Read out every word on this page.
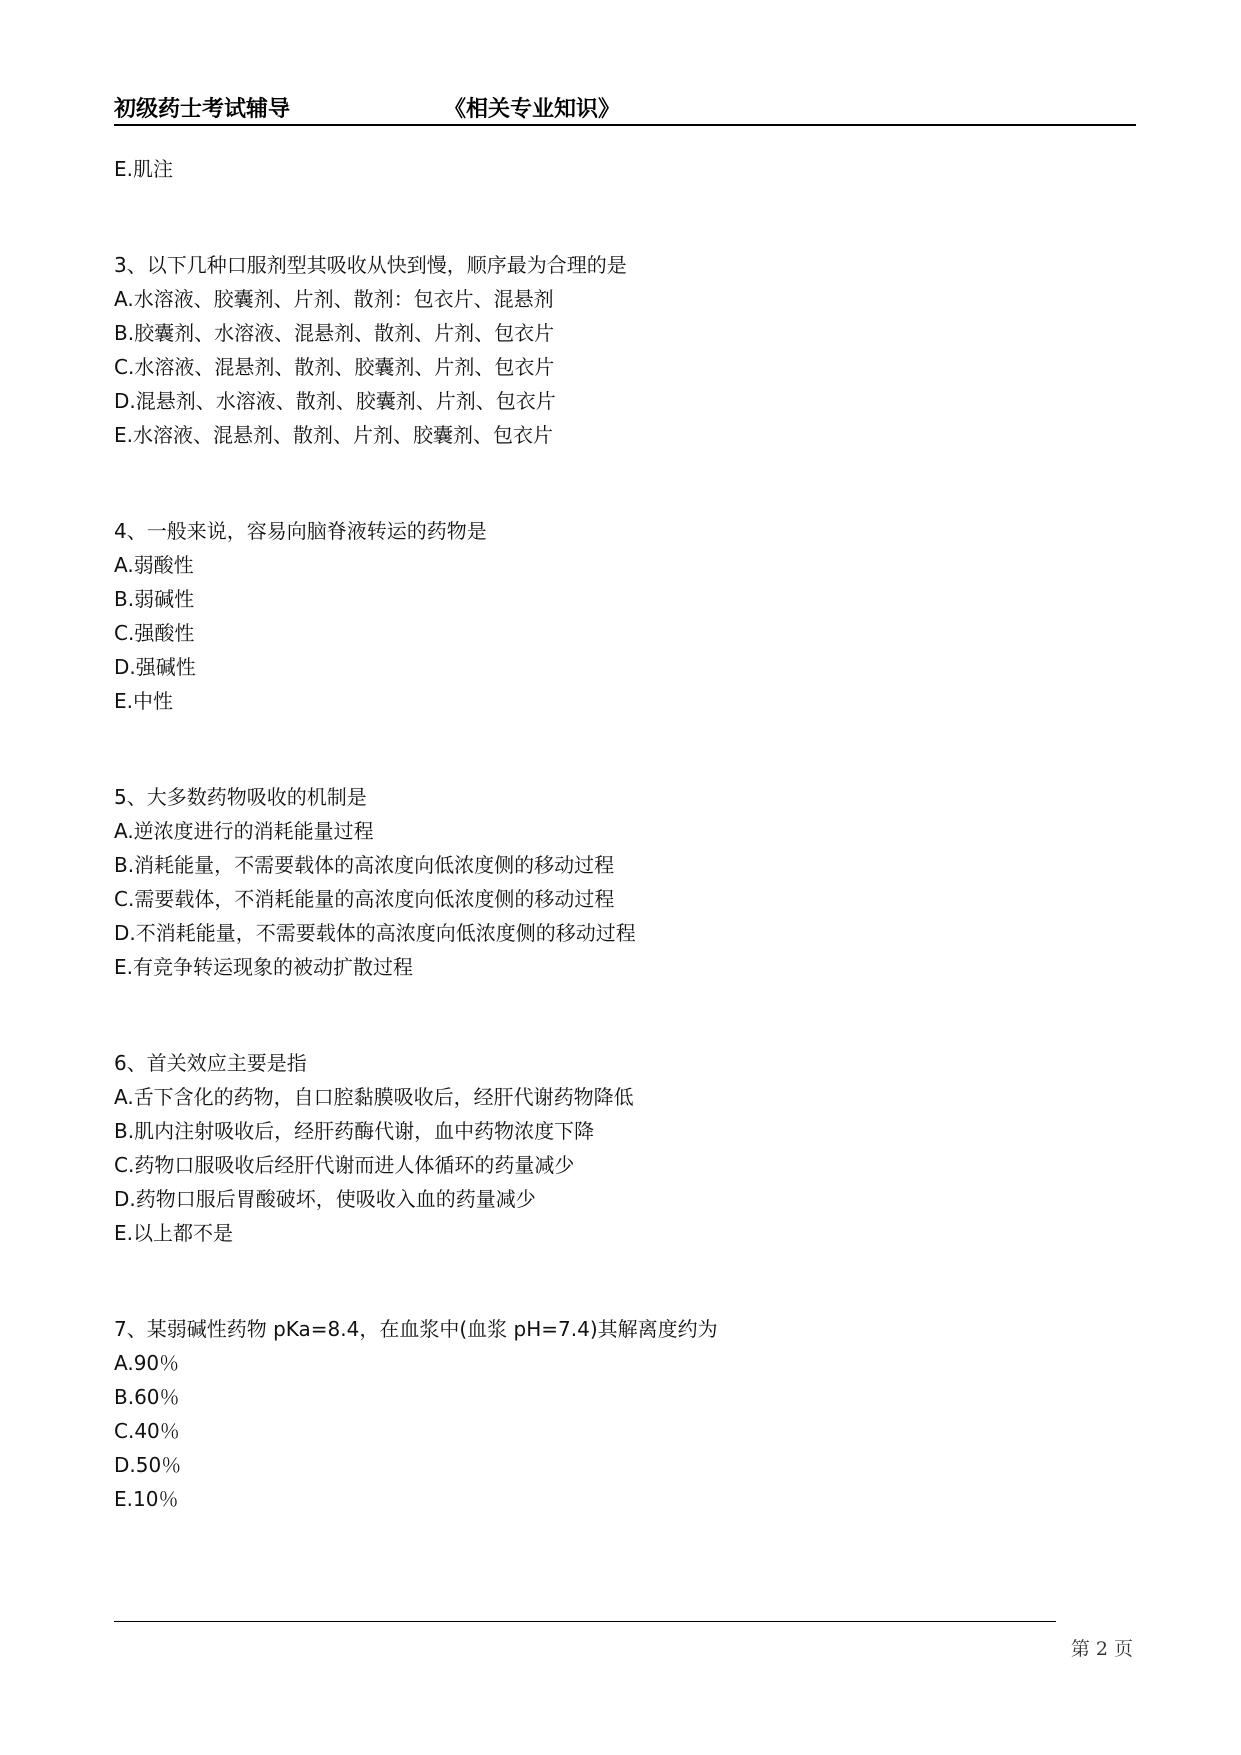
初级药士考试辅导	《相关专业知识》
E.肌注
3、以下几种口服剂型其吸收从快到慢，顺序最为合理的是
A.水溶液、胶囊剂、片剂、散剂：包衣片、混悬剂
B.胶囊剂、水溶液、混悬剂、散剂、片剂、包衣片
C.水溶液、混悬剂、散剂、胶囊剂、片剂、包衣片
D.混悬剂、水溶液、散剂、胶囊剂、片剂、包衣片
E.水溶液、混悬剂、散剂、片剂、胶囊剂、包衣片
4、一般来说，容易向脑脊液转运的药物是
A.弱酸性
B.弱碱性
C.强酸性
D.强碱性
E.中性
5、大多数药物吸收的机制是
A.逆浓度进行的消耗能量过程
B.消耗能量，不需要载体的高浓度向低浓度侧的移动过程
C.需要载体，不消耗能量的高浓度向低浓度侧的移动过程
D.不消耗能量，不需要载体的高浓度向低浓度侧的移动过程
E.有竞争转运现象的被动扩散过程
6、首关效应主要是指
A.舌下含化的药物，自口腔黏膜吸收后，经肝代谢药物降低
B.肌内注射吸收后，经肝药酶代谢，血中药物浓度下降
C.药物口服吸收后经肝代谢而进人体循环的药量减少
D.药物口服后胃酸破坏，使吸收入血的药量减少
E.以上都不是
7、某弱碱性药物 pKa=8.4，在血浆中(血浆 pH=7.4)其解离度约为
A.90％
B.60％
C.40％
D.50％
E.10％
第 2 页
